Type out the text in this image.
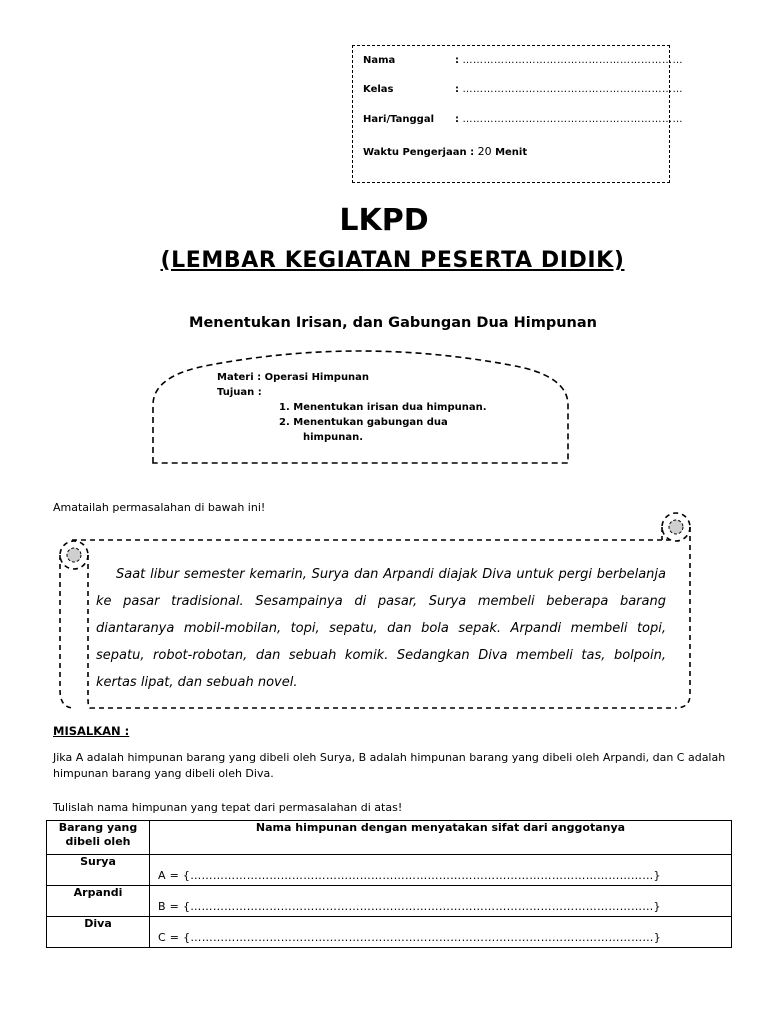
Nama	: ………………………………………………………
Kelas	: ………………………………………………………
Hari/Tanggal : ………………………………………………………
Waktu Pengerjaan : 20 Menit
LKPD
(LEMBAR KEGIATAN PESERTA DIDIK)
Menentukan Irisan, dan Gabungan Dua Himpunan
Materi : Operasi Himpunan
Tujuan :
1. Menentukan irisan dua himpunan.
2. Menentukan gabungan dua
himpunan.
Amatailah permasalahan di bawah ini!
Saat libur semester kemarin, Surya dan Arpandi diajak Diva untuk pergi berbelanja ke pasar tradisional. Sesampainya di pasar, Surya membeli beberapa barang diantaranya mobil-mobilan, topi, sepatu, dan bola sepak. Arpandi membeli topi, sepatu, robot-robotan, dan sebuah komik. Sedangkan Diva membeli tas, bolpoin, kertas lipat, dan sebuah novel.
MISALKAN :
Jika A adalah himpunan barang yang dibeli oleh Surya, B adalah himpunan barang yang dibeli oleh Arpandi, dan C adalah himpunan barang yang dibeli oleh Diva.
Tulislah nama himpunan yang tepat dari permasalahan di atas!
Barang yang dibeli oleh	Nama himpunan dengan menyatakan sifat dari anggotanya
Surya	A = {……………………………………………………………………………………………………………}
Arpandi	B = {……………………………………………………………………………………………………………}
Diva	C = {……………………………………………………………………………………………………………}
